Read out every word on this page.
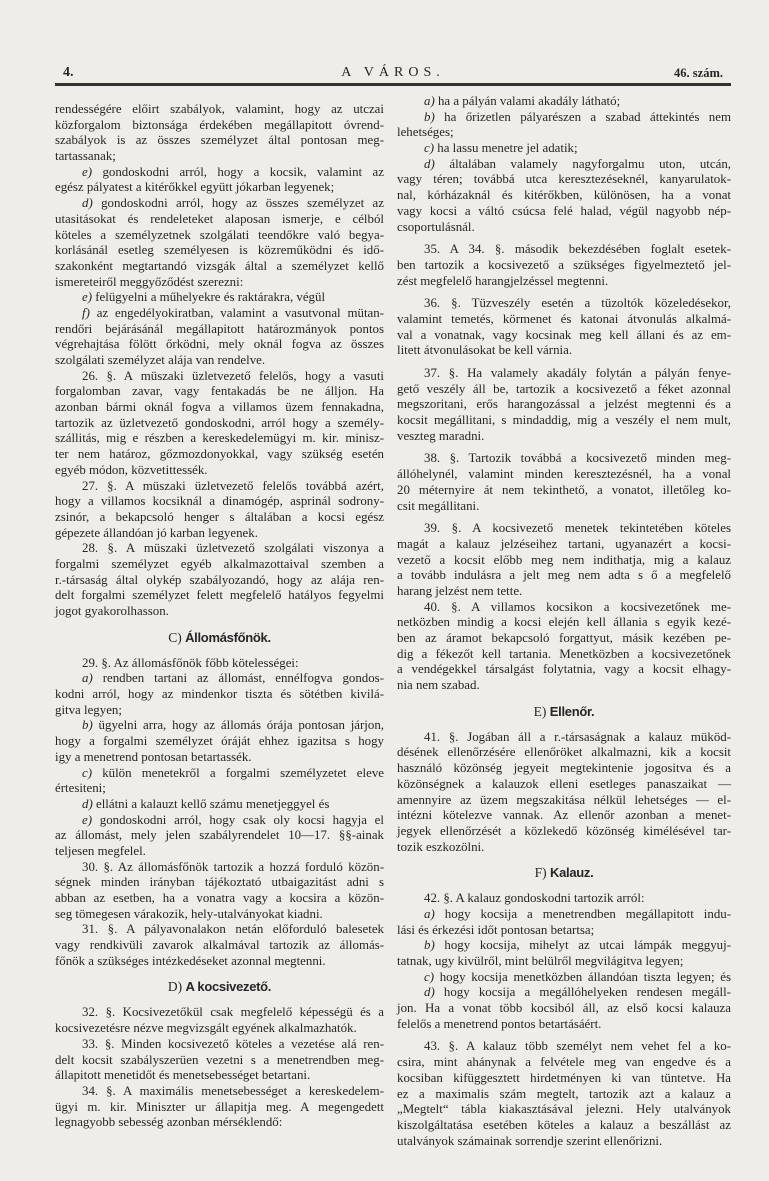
4.	A VÁROS.	46. szám.
rendességére előirt szabályok, valamint, hogy az utczai
közforgalom biztonsága érdekében megállapitott óvrend-
szabályok is az összes személyzet által pontosan meg-
tartassanak;
e) gondoskodni arról, hogy a kocsik, valamint az
egész pályatest a kitérőkkel együtt jókarban legyenek;
d) gondoskodni arról, hogy az összes személyzet az
utasitásokat és rendeleteket alaposan ismerje, e célból
köteles a személyzetnek szolgálati teendőkre való begya-
korlásánál esetleg személyesen is közreműködni és idő-
szakonként megtartandó vizsgák által a személyzet kellő
ismereteiről meggyőződést szerezni:
e) felügyelni a műhelyekre és raktárakra, végül
f) az engedélyokiratban, valamint a vasutvonal mütan-
rendőri bejárásánál megállapitott határozmányok pontos
végrehajtása fölött őrködni, mely oknál fogva az összes
szolgálati személyzet alája van rendelve.
26. §. A müszaki üzletvezető felelős, hogy a vasuti
forgalomban zavar, vagy fentakadás be ne álljon. Ha
azonban bármi oknál fogva a villamos üzem fennakadna,
tartozik az üzletvezető gondoskodni, arról hogy a személy-
szállitás, mig e részben a kereskedelemügyi m. kir. minisz-
ter nem határoz, gőzmozdonyokkal, vagy szükség esetén
egyéb módon, közvetittessék.
27. §. A müszaki üzletvezető felelős továbbá azért,
hogy a villamos kocsiknál a dinamógép, asprinál sodrony-
zsinór, a bekapcsoló henger s általában a kocsi egész
gépezete állandóan jó karban legyenek.
28. §. A müszaki üzletvezető szolgálati viszonya a
forgalmi személyzet egyéb alkalmazottaival szemben a
r.-társaság által olykép szabályozandó, hogy az alája ren-
delt forgalmi személyzet felett megfelelő hatályos fegyelmi
jogot gyakorolhasson.
C) Állomásfőnök.
29. §. Az állomásfőnök főbb kötelességei:
a) rendben tartani az állomást, ennélfogva gondos-
kodni arról, hogy az mindenkor tiszta és sötétben kivilá-
gitva legyen;
b) ügyelni arra, hogy az állomás órája pontosan járjon,
hogy a forgalmi személyzet óráját ehhez igazitsa s hogy
igy a menetrend pontosan betartassék.
c) külön menetekről a forgalmi személyzetet eleve
értesiteni;
d) ellátni a kalauzt kellő számu menetjeggyel és
e) gondoskodni arról, hogy csak oly kocsi hagyja el
az állomást, mely jelen szabályrendelet 10—17. §§-ainak
teljesen megfelel.
30. §. Az állomásfőnök tartozik a hozzá forduló közön-
ségnek minden irányban tájékoztató utbaigazitást adni s
abban az esetben, ha a vonatra vagy a kocsira a közön-
seg tömegesen várakozik, hely-utalványokat kiadni.
31. §. A pályavonalakon netán előforduló balesetek
vagy rendkivüli zavarok alkalmával tartozik az állomás-
főnök a szükséges intézkedéseket azonnal megtenni.
D) A kocsivezető.
32. §. Kocsivezetőkül csak megfelelő képességü és a
kocsivezetésre nézve megvizsgált egyének alkalmazhatók.
33. §. Minden kocsivezető köteles a vezetése alá ren-
delt kocsit szabályszerüen vezetni s a menetrendben meg-
állapitott menetidőt és menetsebességet betartani.
34. §. A maximális menetsebességet a kereskedelem-
ügyi m. kir. Miniszter ur állapitja meg. A megengedett
legnagyobb sebesség azonban mérséklendő:
a) ha a pályán valami akadály látható;
b) ha őrizetlen pályarészen a szabad áttekintés nem
lehetséges;
c) ha lassu menetre jel adatik;
d) általában valamely nagyforgalmu uton, utcán,
vagy téren; továbbá utca keresztezéseknél, kanyarulatok-
nal, kórházaknál és kitérőkben, különösen, ha a vonat
vagy kocsi a váltó csúcsa felé halad, végül nagyobb nép-
csoportulásnál.
35. A 34. §. második bekezdésében foglalt esetek-
ben tartozik a kocsivezető a szükséges figyelmeztető jel-
zést megfelelő harangjelzéssel megtenni.
36. §. Tüzveszély esetén a tüzoltók közeledésekor,
valamint temetés, körmenet és katonai átvonulás alkalmá-
val a vonatnak, vagy kocsinak meg kell állani és az em-
litett átvonulásokat be kell várnia.
37. §. Ha valamely akadály folytán a pályán fenye-
gető veszély áll be, tartozik a kocsivezető a féket azonnal
megszoritani, erős harangozással a jelzést megtenni és a
kocsit megállitani, s mindaddig, mig a veszély el nem mult,
veszteg maradni.
38. §. Tartozik továbbá a kocsivezető minden meg-
állóhelynél, valamint minden keresztezésnél, ha a vonal
20 méternyire át nem tekinthető, a vonatot, illetőleg ko-
csit megállitani.
39. §. A kocsivezető menetek tekintetében köteles
magát a kalauz jelzéseihez tartani, ugyanazért a kocsi-
vezető a kocsit előbb meg nem indithatja, mig a kalauz
a tovább indulásra a jelt meg nem adta s ő a megfelelő
harang jelzést nem tette.
40. §. A villamos kocsikon a kocsivezetőnek me-
netközben mindig a kocsi elején kell állania s egyik kezé-
ben az áramot bekapcsoló forgattyut, másik kezében pe-
dig a fékezőt kell tartania. Menetközben a kocsivezetőnek
a vendégekkel társalgást folytatnia, vagy a kocsit elhagy-
nia nem szabad.
E) Ellenőr.
41. §. Jogában áll a r.-társaságnak a kalauz müköd-
désének ellenőrzésére ellenőröket alkalmazni, kik a kocsit
használó közönség jegyeit megtekintenie jogositva és a
közönségnek a kalauzok elleni esetleges panaszaikat —
amennyire az üzem megszakitása nélkül lehetséges — el-
intézni kötelezve vannak. Az ellenőr azonban a menet-
jegyek ellenőrzését a közlekedő közönség kimélésével tar-
tozik eszkozölni.
F) Kalauz.
42. §. A kalauz gondoskodni tartozik arról:
a) hogy kocsija a menetrendben megállapitott indu-
lási és érkezési időt pontosan betartsa;
b) hogy kocsija, mihelyt az utcai lámpák meggyuj-
tatnak, ugy kivülről, mint belülről megvilágitva legyen;
c) hogy kocsija menetközben állandóan tiszta legyen; és
d) hogy kocsija a megállóhelyeken rendesen megáll-
jon. Ha a vonat több kocsiból áll, az első kocsi kalauza
felelős a menetrend pontos betartásáért.
43. §. A kalauz több személyt nem vehet fel a ko-
csira, mint ahánynak a felvétele meg van engedve és a
kocsiban kifüggesztett hirdetményen ki van tüntetve. Ha
ez a maximalis szám megtelt, tartozik azt a kalauz a
„Megtelt“ tábla kiakasztásával jelezni. Hely utalványok
kiszolgáltatása esetében köteles a kalauz a beszállást az
utalványok számainak sorrendje szerint ellenőrizni.
